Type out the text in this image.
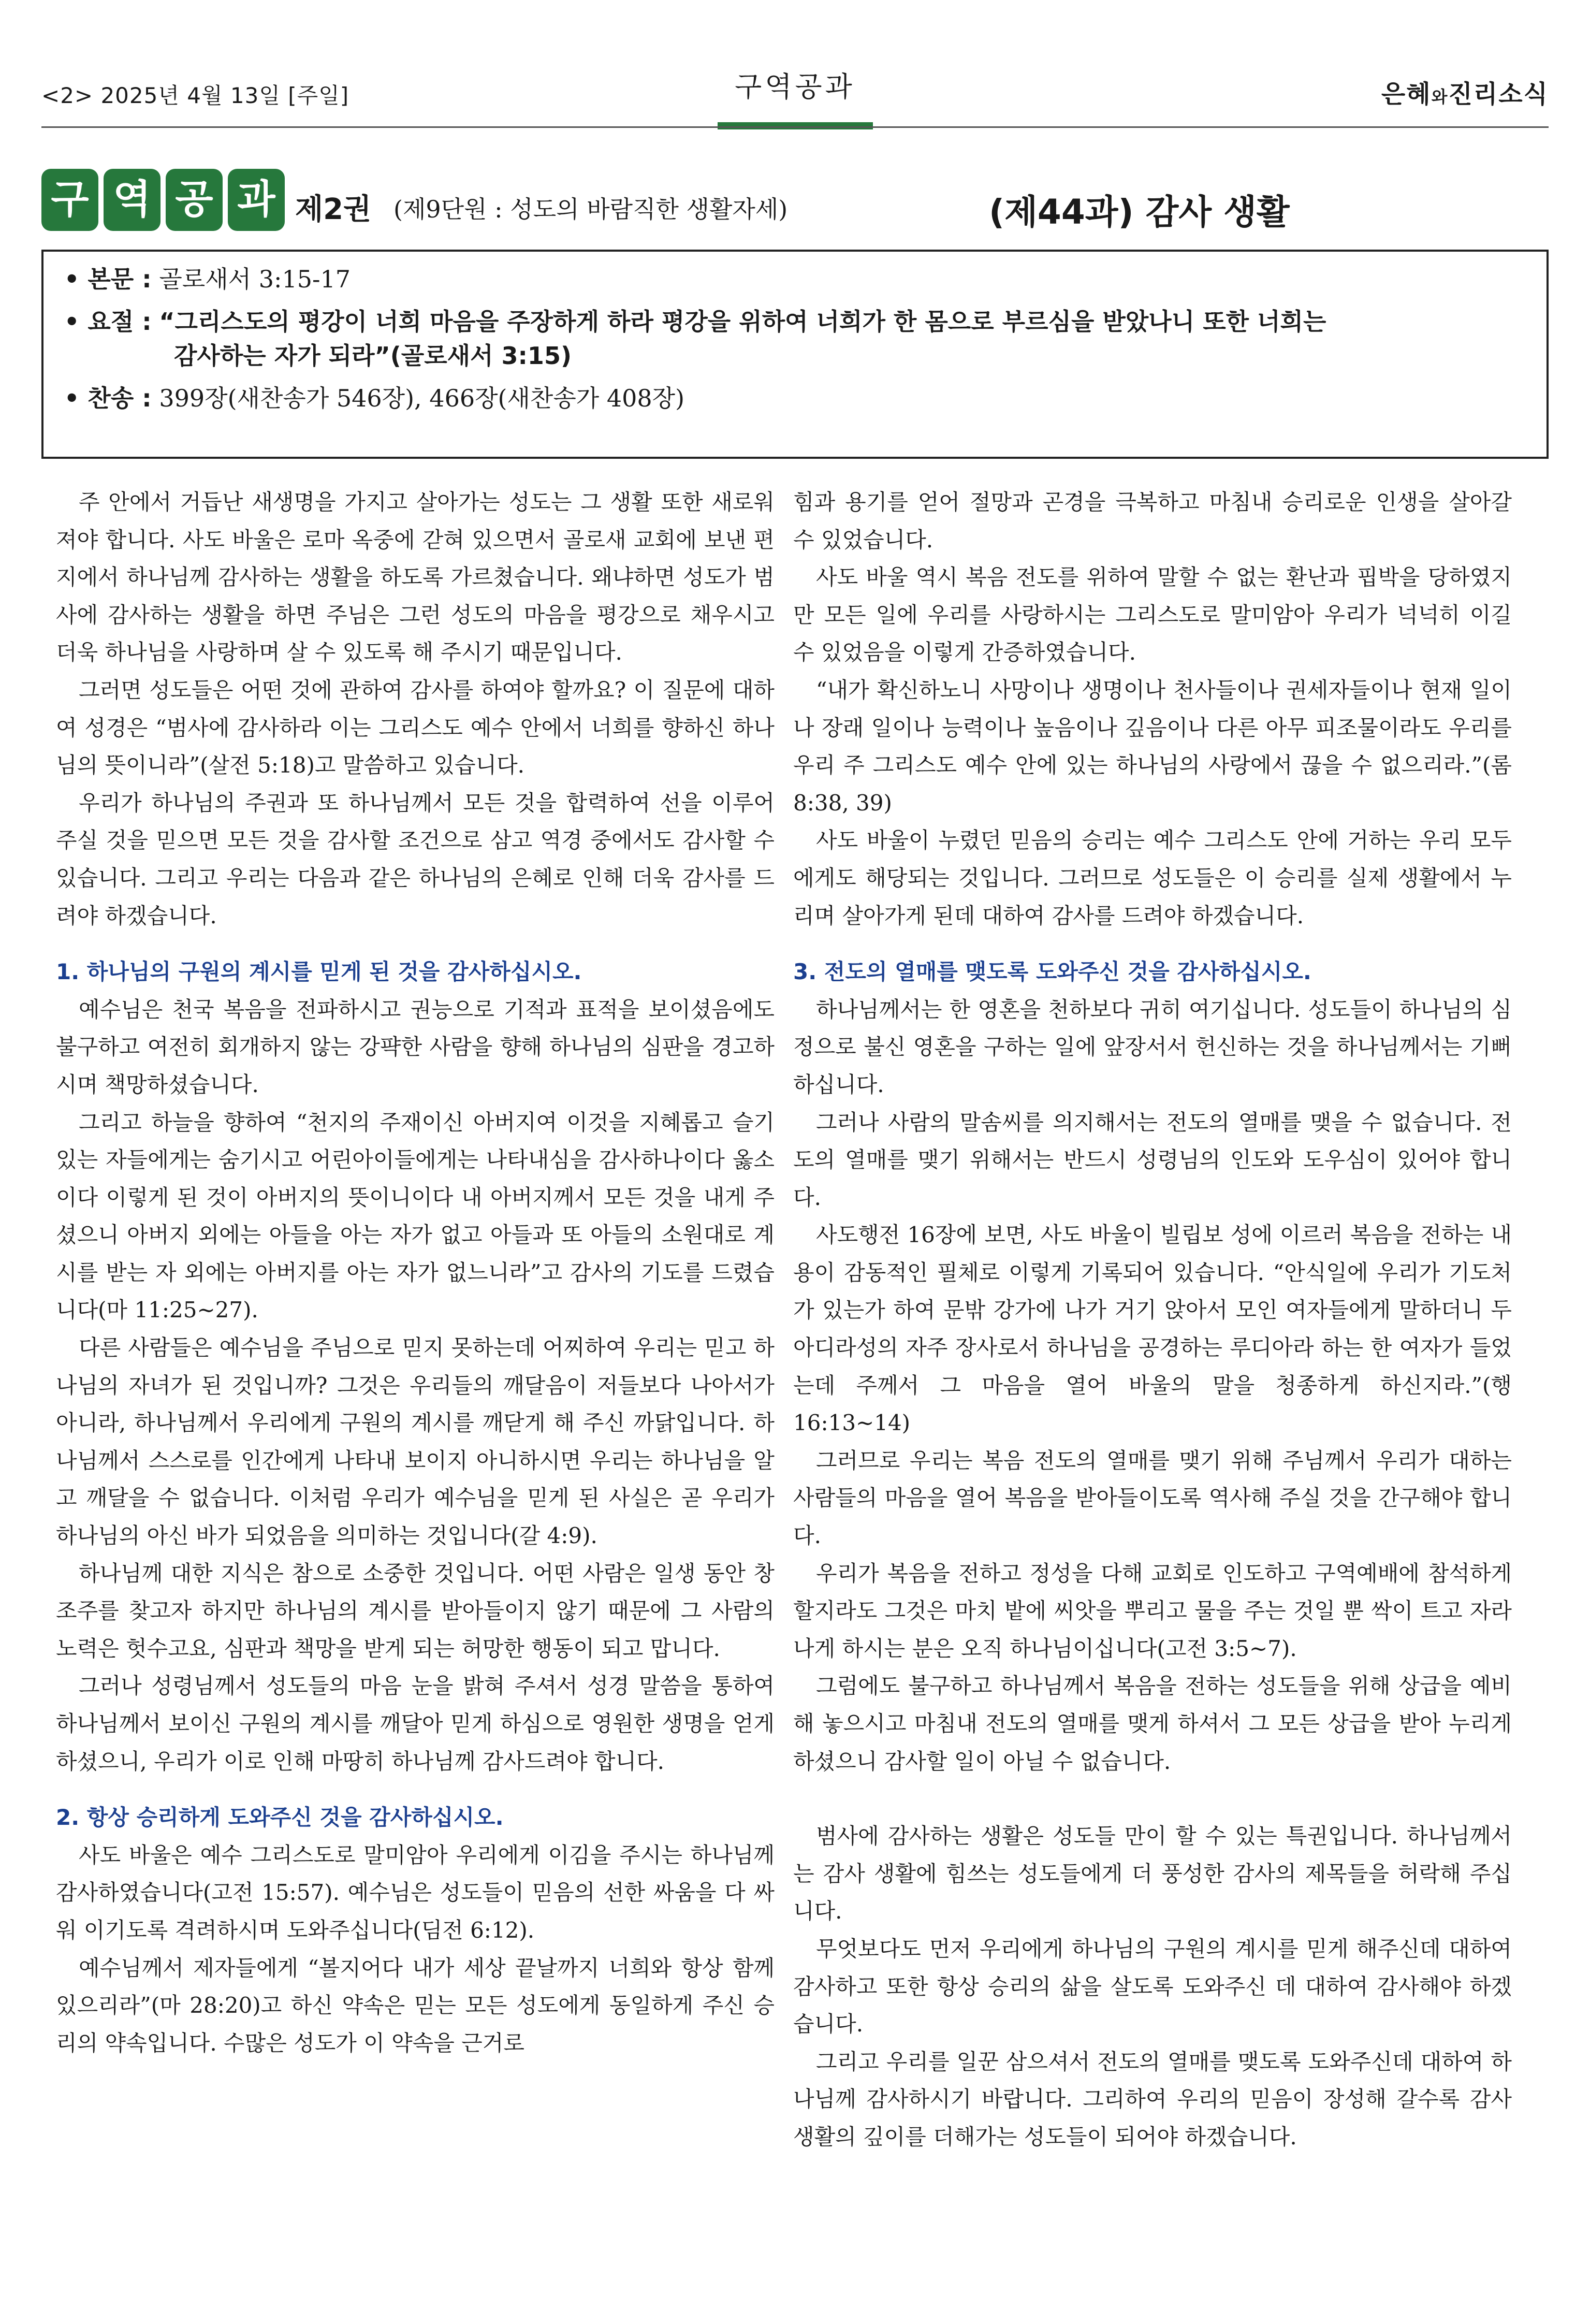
<2> 2025년 4월 13일 [주일]	구역공과	은혜와진리소식
구 역 공 과 제2권 (제9단원 : 성도의 바람직한 생활자세)	(제44과) 감사 생활
• 본문 : 골로새서 3:15-17
• 요절 : “그리스도의 평강이 너희 마음을 주장하게 하라 평강을 위하여 너희가 한 몸으로 부르심을 받았나니 또한 너희는
감사하는 자가 되라”(골로새서 3:15)
• 찬송 : 399장(새찬송가 546장), 466장(새찬송가 408장)

주 안에서 거듭난 새생명을 가지고 살아가는 성도는 그 생활 또한 새로워져야 합니다. 사도 바울은 로마 옥중에 갇혀 있으면서 골로새 교회에 보낸 편지에서 하나님께 감사하는 생활을 하도록 가르쳤습니다. 왜냐하면 성도가 범사에 감사하는 생활을 하면 주님은 그런 성도의 마음을 평강으로 채우시고 더욱 하나님을 사랑하며 살 수 있도록 해 주시기 때문입니다.

그러면 성도들은 어떤 것에 관하여 감사를 하여야 할까요? 이 질문에 대하여 성경은 “범사에 감사하라 이는 그리스도 예수 안에서 너희를 향하신 하나님의 뜻이니라”(살전 5:18)고 말씀하고 있습니다.

우리가 하나님의 주권과 또 하나님께서 모든 것을 합력하여 선을 이루어 주실 것을 믿으면 모든 것을 감사할 조건으로 삼고 역경 중에서도 감사할 수 있습니다. 그리고 우리는 다음과 같은 하나님의 은혜로 인해 더욱 감사를 드려야 하겠습니다.

1. 하나님의 구원의 계시를 믿게 된 것을 감사하십시오.

예수님은 천국 복음을 전파하시고 권능으로 기적과 표적을 보이셨음에도 불구하고 여전히 회개하지 않는 강퍅한 사람을 향해 하나님의 심판을 경고하시며 책망하셨습니다.

그리고 하늘을 향하여 “천지의 주재이신 아버지여 이것을 지혜롭고 슬기 있는 자들에게는 숨기시고 어린아이들에게는 나타내심을 감사하나이다 옳소이다 이렇게 된 것이 아버지의 뜻이니이다 내 아버지께서 모든 것을 내게 주셨으니 아버지 외에는 아들을 아는 자가 없고 아들과 또 아들의 소원대로 계시를 받는 자 외에는 아버지를 아는 자가 없느니라”고 감사의 기도를 드렸습니다(마 11:25~27).

다른 사람들은 예수님을 주님으로 믿지 못하는데 어찌하여 우리는 믿고 하나님의 자녀가 된 것입니까? 그것은 우리들의 깨달음이 저들보다 나아서가 아니라, 하나님께서 우리에게 구원의 계시를 깨닫게 해 주신 까닭입니다. 하나님께서 스스로를 인간에게 나타내 보이지 아니하시면 우리는 하나님을 알고 깨달을 수 없습니다. 이처럼 우리가 예수님을 믿게 된 사실은 곧 우리가 하나님의 아신 바가 되었음을 의미하는 것입니다(갈 4:9).

하나님께 대한 지식은 참으로 소중한 것입니다. 어떤 사람은 일생 동안 창조주를 찾고자 하지만 하나님의 계시를 받아들이지 않기 때문에 그 사람의 노력은 헛수고요, 심판과 책망을 받게 되는 허망한 행동이 되고 맙니다.

그러나 성령님께서 성도들의 마음 눈을 밝혀 주셔서 성경 말씀을 통하여 하나님께서 보이신 구원의 계시를 깨달아 믿게 하심으로 영원한 생명을 얻게 하셨으니, 우리가 이로 인해 마땅히 하나님께 감사드려야 합니다.

2. 항상 승리하게 도와주신 것을 감사하십시오.

사도 바울은 예수 그리스도로 말미암아 우리에게 이김을 주시는 하나님께 감사하였습니다(고전 15:57). 예수님은 성도들이 믿음의 선한 싸움을 다 싸워 이기도록 격려하시며 도와주십니다(딤전 6:12).

예수님께서 제자들에게 “볼지어다 내가 세상 끝날까지 너희와 항상 함께 있으리라”(마 28:20)고 하신 약속은 믿는 모든 성도에게 동일하게 주신 승리의 약속입니다. 수많은 성도가 이 약속을 근거로

힘과 용기를 얻어 절망과 곤경을 극복하고 마침내 승리로운 인생을 살아갈 수 있었습니다.

사도 바울 역시 복음 전도를 위하여 말할 수 없는 환난과 핍박을 당하였지만 모든 일에 우리를 사랑하시는 그리스도로 말미암아 우리가 넉넉히 이길 수 있었음을 이렇게 간증하였습니다.

“내가 확신하노니 사망이나 생명이나 천사들이나 권세자들이나 현재 일이나 장래 일이나 능력이나 높음이나 깊음이나 다른 아무 피조물이라도 우리를 우리 주 그리스도 예수 안에 있는 하나님의 사랑에서 끊을 수 없으리라.”(롬 8:38, 39)

사도 바울이 누렸던 믿음의 승리는 예수 그리스도 안에 거하는 우리 모두에게도 해당되는 것입니다. 그러므로 성도들은 이 승리를 실제 생활에서 누리며 살아가게 된데 대하여 감사를 드려야 하겠습니다.

3. 전도의 열매를 맺도록 도와주신 것을 감사하십시오.

하나님께서는 한 영혼을 천하보다 귀히 여기십니다. 성도들이 하나님의 심정으로 불신 영혼을 구하는 일에 앞장서서 헌신하는 것을 하나님께서는 기뻐하십니다.

그러나 사람의 말솜씨를 의지해서는 전도의 열매를 맺을 수 없습니다. 전도의 열매를 맺기 위해서는 반드시 성령님의 인도와 도우심이 있어야 합니다.

사도행전 16장에 보면, 사도 바울이 빌립보 성에 이르러 복음을 전하는 내용이 감동적인 필체로 이렇게 기록되어 있습니다. “안식일에 우리가 기도처가 있는가 하여 문밖 강가에 나가 거기 앉아서 모인 여자들에게 말하더니 두아디라성의 자주 장사로서 하나님을 공경하는 루디아라 하는 한 여자가 들었는데 주께서 그 마음을 열어 바울의 말을 청종하게 하신지라.”(행 16:13~14)

그러므로 우리는 복음 전도의 열매를 맺기 위해 주님께서 우리가 대하는 사람들의 마음을 열어 복음을 받아들이도록 역사해 주실 것을 간구해야 합니다.

우리가 복음을 전하고 정성을 다해 교회로 인도하고 구역예배에 참석하게 할지라도 그것은 마치 밭에 씨앗을 뿌리고 물을 주는 것일 뿐 싹이 트고 자라나게 하시는 분은 오직 하나님이십니다(고전 3:5~7).

그럼에도 불구하고 하나님께서 복음을 전하는 성도들을 위해 상급을 예비해 놓으시고 마침내 전도의 열매를 맺게 하셔서 그 모든 상급을 받아 누리게 하셨으니 감사할 일이 아닐 수 없습니다.

범사에 감사하는 생활은 성도들 만이 할 수 있는 특권입니다. 하나님께서는 감사 생활에 힘쓰는 성도들에게 더 풍성한 감사의 제목들을 허락해 주십니다.

무엇보다도 먼저 우리에게 하나님의 구원의 계시를 믿게 해주신데 대하여 감사하고 또한 항상 승리의 삶을 살도록 도와주신 데 대하여 감사해야 하겠습니다.

그리고 우리를 일꾼 삼으셔서 전도의 열매를 맺도록 도와주신데 대하여 하나님께 감사하시기 바랍니다. 그리하여 우리의 믿음이 장성해 갈수록 감사 생활의 깊이를 더해가는 성도들이 되어야 하겠습니다.
